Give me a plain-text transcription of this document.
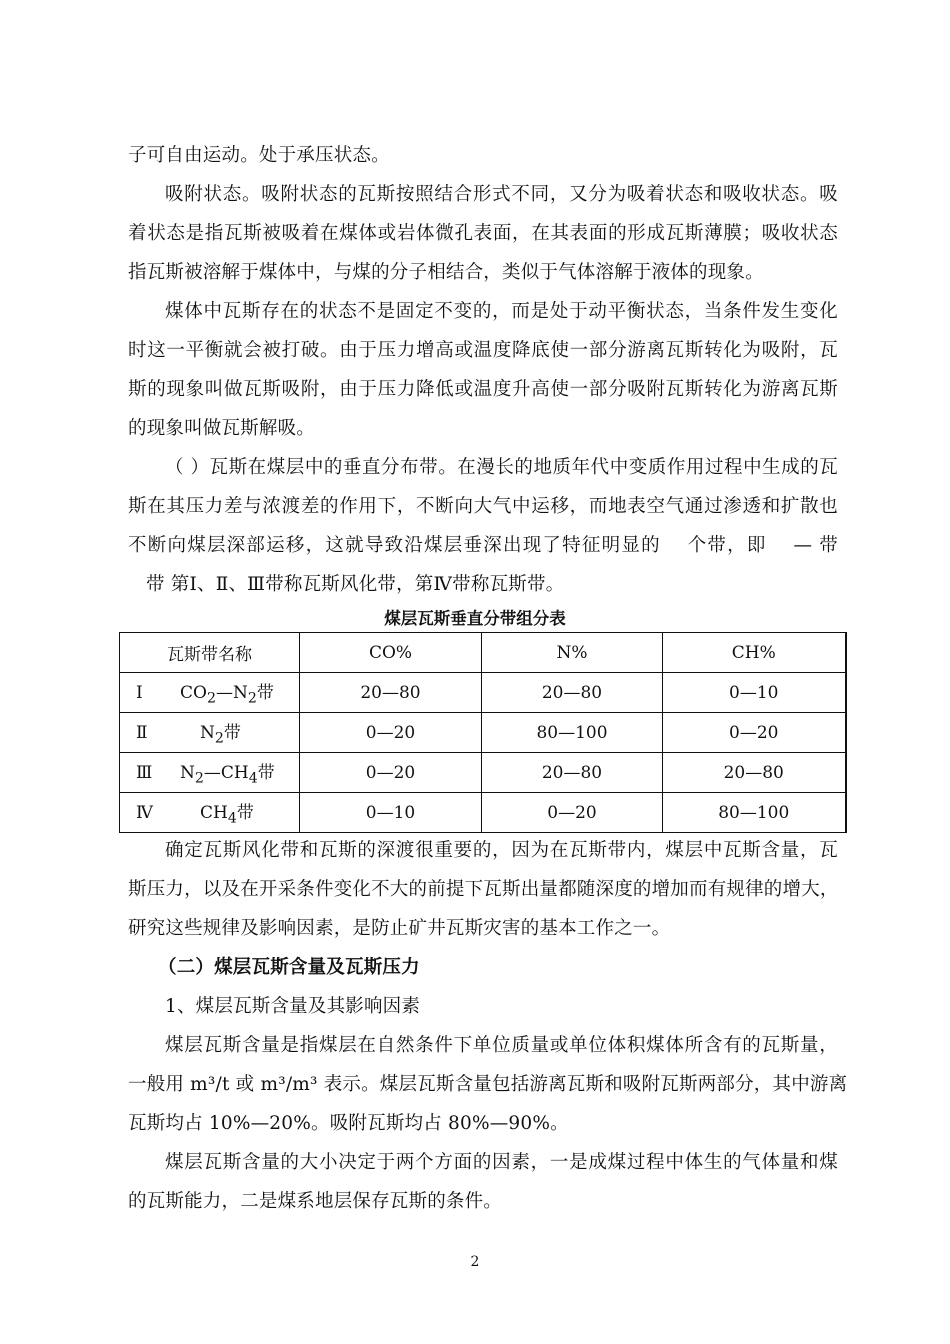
子可自由运动。处于承压状态。
吸附状态。吸附状态的瓦斯按照结合形式不同，又分为吸着状态和吸收状态。吸
着状态是指瓦斯被吸着在煤体或岩体微孔表面，在其表面的形成瓦斯薄膜；吸收状态
指瓦斯被溶解于煤体中，与煤的分子相结合，类似于气体溶解于液体的现象。
煤体中瓦斯存在的状态不是固定不变的，而是处于动平衡状态，当条件发生变化
时这一平衡就会被打破。由于压力增高或温度降底使一部分游离瓦斯转化为吸附，瓦
斯的现象叫做瓦斯吸附，由于压力降低或温度升高使一部分吸附瓦斯转化为游离瓦斯
的现象叫做瓦斯解吸。
（ ）瓦斯在煤层中的垂直分布带。在漫长的地质年代中变质作用过程中生成的瓦
斯在其压力差与浓渡差的作用下，不断向大气中运移，而地表空气通过渗透和扩散也
不断向煤层深部运移，这就导致沿煤层垂深出现了特征明显的　 个带，即　 — 带
带 第Ⅰ、Ⅱ、Ⅲ带称瓦斯风化带，第Ⅳ带称瓦斯带。
煤层瓦斯垂直分带组分表
瓦斯带名称	CO%	N%	CH%
Ⅰ $CO_2—N_2$带	20—80	20—80	0—10
Ⅱ $N_2$带	0—20	80—100	0—20
Ⅲ $N_2—CH_4$带	0—20	20—80	20—80
Ⅳ $CH_4$带	0—10	0—20	80—100
确定瓦斯风化带和瓦斯的深渡很重要的，因为在瓦斯带内，煤层中瓦斯含量，瓦
斯压力，以及在开采条件变化不大的前提下瓦斯出量都随深度的增加而有规律的增大，
研究这些规律及影响因素，是防止矿井瓦斯灾害的基本工作之一。
（二）煤层瓦斯含量及瓦斯压力
1、煤层瓦斯含量及其影响因素
煤层瓦斯含量是指煤层在自然条件下单位质量或单位体积煤体所含有的瓦斯量，
一般用 m³/t 或 m³/m³ 表示。煤层瓦斯含量包括游离瓦斯和吸附瓦斯两部分，其中游离
瓦斯均占 10%—20%。吸附瓦斯均占 80%—90%。
煤层瓦斯含量的大小决定于两个方面的因素，一是成煤过程中体生的气体量和煤
的瓦斯能力，二是煤系地层保存瓦斯的条件。
2
